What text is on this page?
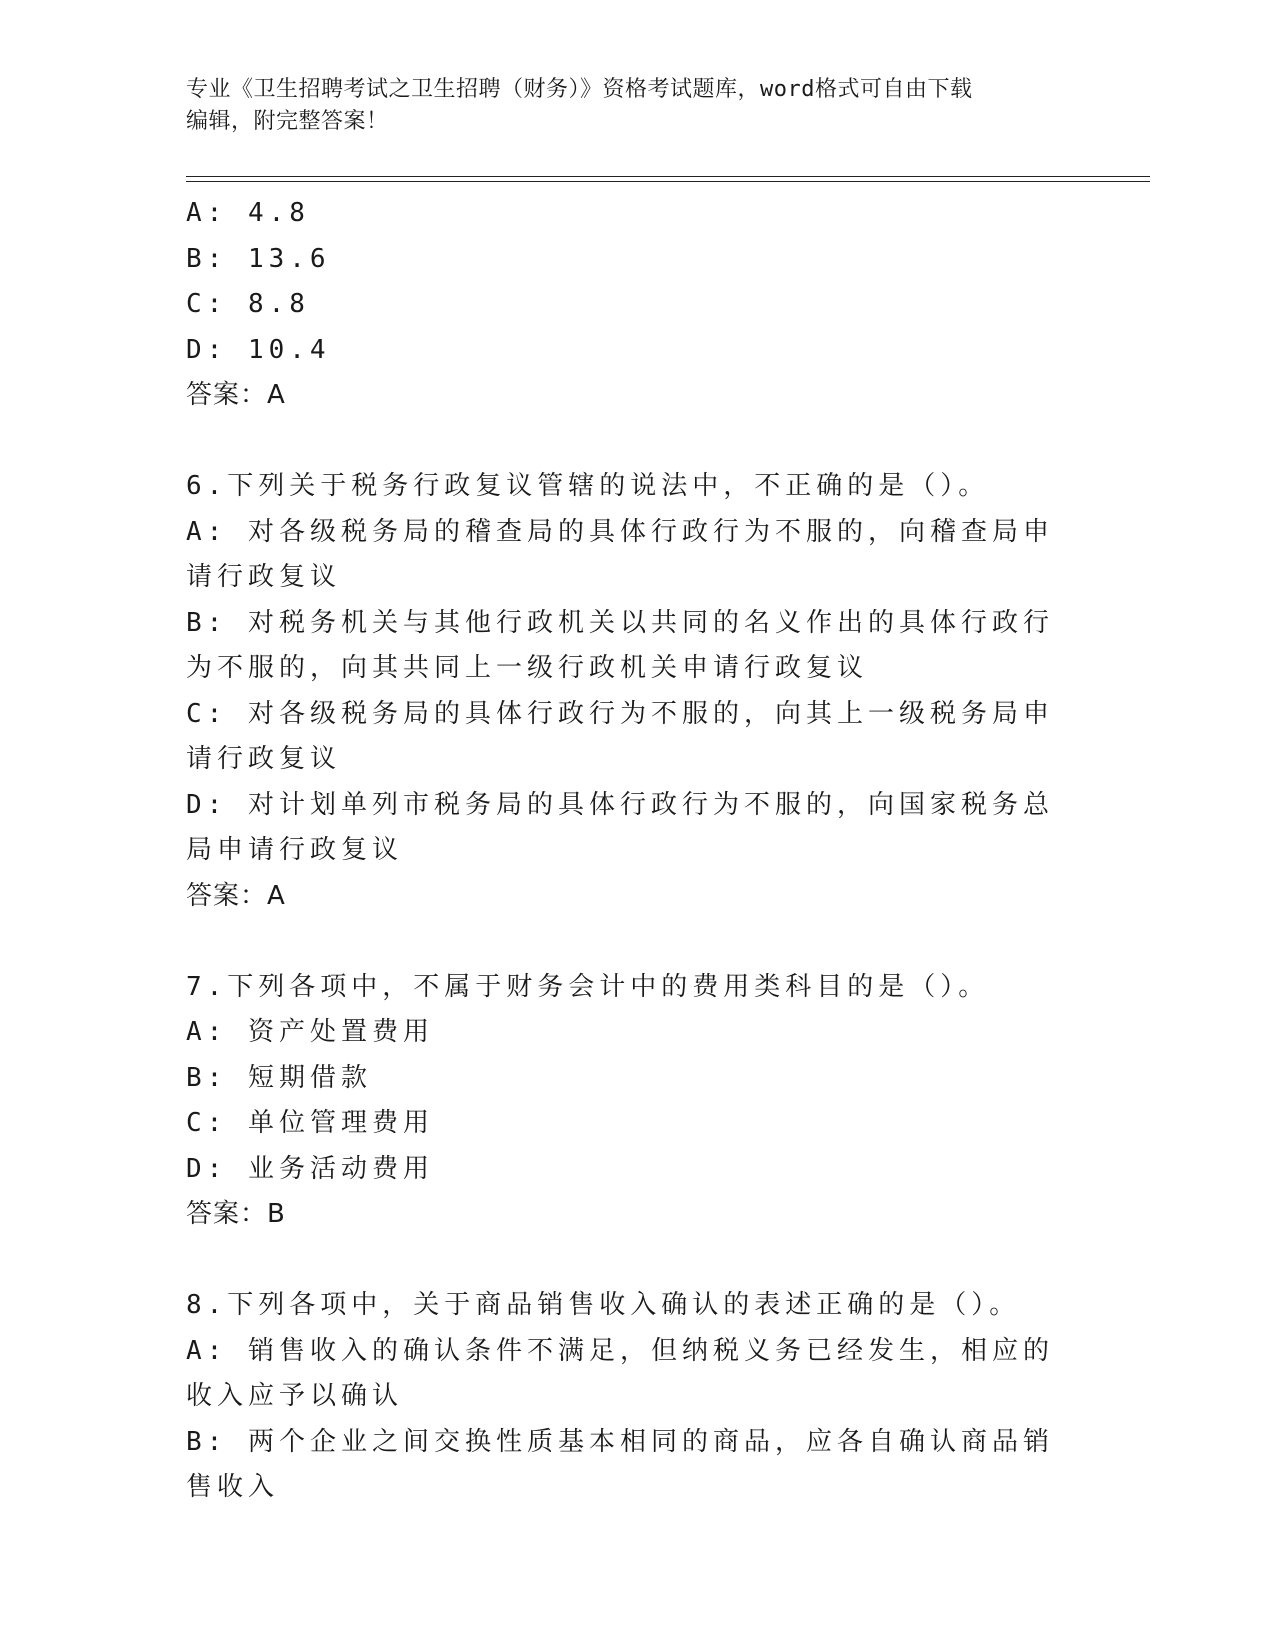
专业《卫生招聘考试之卫生招聘（财务）》资格考试题库，word格式可自由下载
编辑，附完整答案！
A: 4.8
B: 13.6
C: 8.8
D: 10.4
答案：A
6.下列关于税务行政复议管辖的说法中，不正确的是（）。
A: 对各级税务局的稽查局的具体行政行为不服的，向稽查局申请行政复议
B: 对税务机关与其他行政机关以共同的名义作出的具体行政行为不服的，向其共同上一级行政机关申请行政复议
C: 对各级税务局的具体行政行为不服的，向其上一级税务局申请行政复议
D: 对计划单列市税务局的具体行政行为不服的，向国家税务总局申请行政复议
答案：A
7.下列各项中，不属于财务会计中的费用类科目的是（）。
A: 资产处置费用
B: 短期借款
C: 单位管理费用
D: 业务活动费用
答案：B
8.下列各项中，关于商品销售收入确认的表述正确的是（）。
A: 销售收入的确认条件不满足，但纳税义务已经发生，相应的收入应予以确认
B: 两个企业之间交换性质基本相同的商品，应各自确认商品销售收入
